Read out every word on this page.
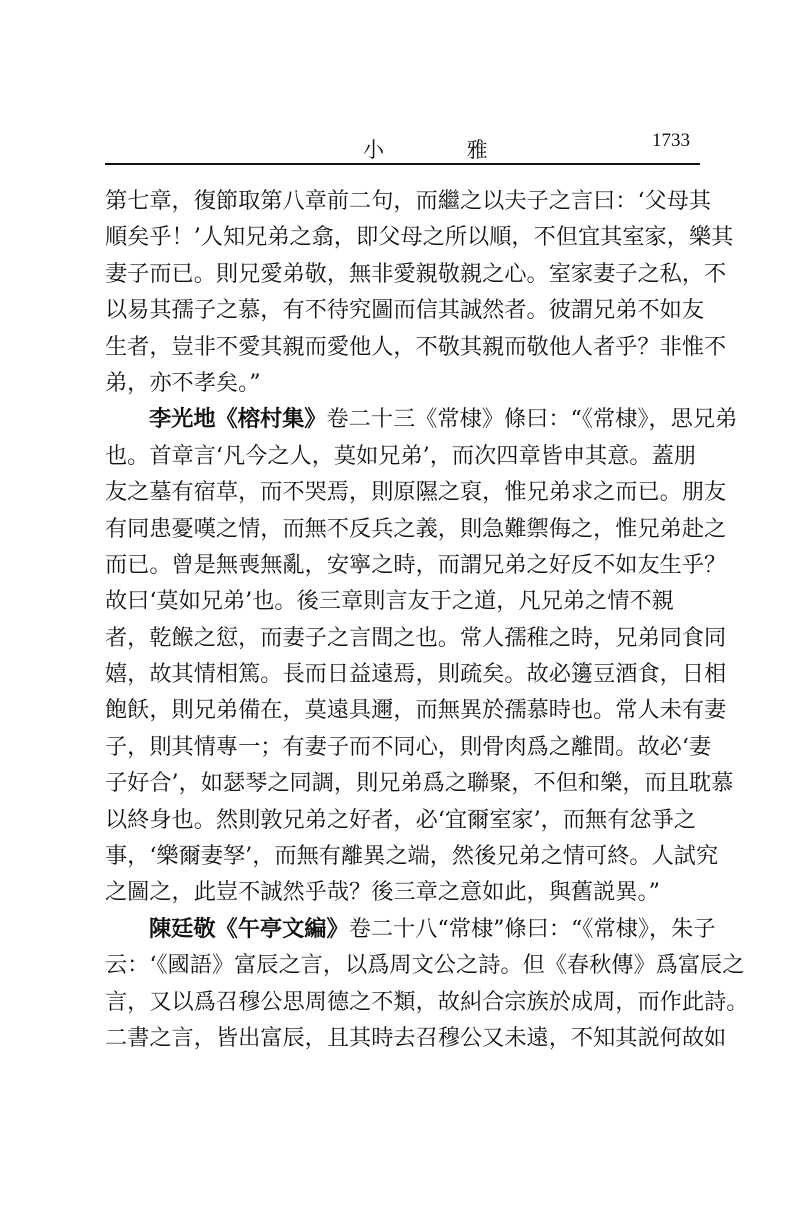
小 雅	1733
第七章，復節取第八章前二句，而繼之以夫子之言曰：‘父母其
順矣乎！’人知兄弟之翕，即父母之所以順，不但宜其室家，樂其
妻子而已。則兄愛弟敬，無非愛親敬親之心。室家妻子之私，不
以易其孺子之慕，有不待究圖而信其誠然者。彼謂兄弟不如友
生者，豈非不愛其親而愛他人，不敬其親而敬他人者乎？非惟不
弟，亦不孝矣。”
李光地《榕村集》卷二十三《常棣》條曰：“《常棣》，思兄弟
也。首章言‘凡今之人，莫如兄弟’，而次四章皆申其意。蓋朋
友之墓有宿草，而不哭焉，則原隰之裒，惟兄弟求之而已。朋友
有同患憂嘆之情，而無不反兵之義，則急難禦侮之，惟兄弟赴之
而已。曾是無喪無亂，安寧之時，而謂兄弟之好反不如友生乎？
故曰‘莫如兄弟’也。後三章則言友于之道，凡兄弟之情不親
者，乾餱之愆，而妻子之言間之也。常人孺稚之時，兄弟同食同
嬉，故其情相篤。長而日益遠焉，則疏矣。故必籩豆酒食，日相
飽飫，則兄弟備在，莫遠具邇，而無異於孺慕時也。常人未有妻
子，則其情專一；有妻子而不同心，則骨肉爲之離間。故必‘妻
子好合’，如瑟琴之同調，則兄弟爲之聯聚，不但和樂，而且耽慕
以終身也。然則敦兄弟之好者，必‘宜爾室家’，而無有忿爭之
事，‘樂爾妻孥’，而無有離異之端，然後兄弟之情可終。人試究
之圖之，此豈不誠然乎哉？後三章之意如此，與舊説異。”
陳廷敬《午亭文編》卷二十八“常棣”條曰：“《常棣》，朱子
云：‘《國語》富辰之言，以爲周文公之詩。但《春秋傳》爲富辰之
言，又以爲召穆公思周德之不類，故糾合宗族於成周，而作此詩。
二書之言，皆出富辰，且其時去召穆公又未遠，不知其説何故如
